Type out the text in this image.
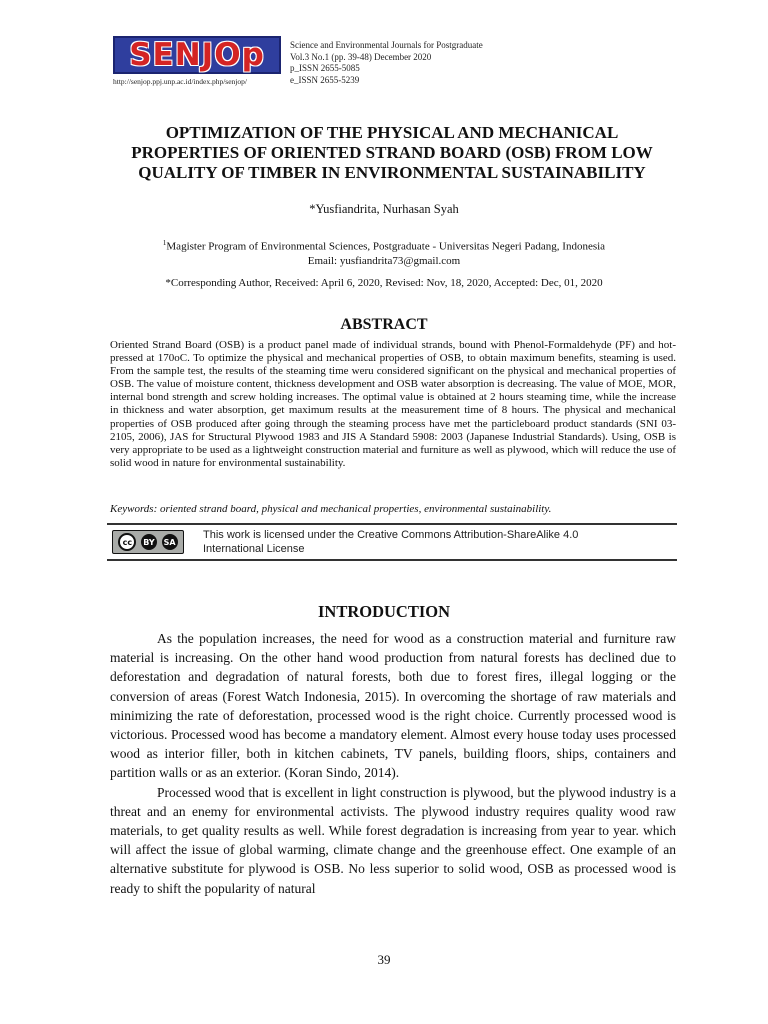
SENJOp
http://senjop.ppj.unp.ac.id/index.php/senjop/
Science and Environmental Journals for Postgraduate
Vol.3 No.1 (pp. 39-48) December 2020
p_ISSN 2655-5085
e_ISSN 2655-5239
OPTIMIZATION OF THE PHYSICAL AND MECHANICAL
PROPERTIES OF ORIENTED STRAND BOARD (OSB) FROM LOW
QUALITY OF TIMBER IN ENVIRONMENTAL SUSTAINABILITY
*Yusfiandrita, Nurhasan Syah
$^1$Magister Program of Environmental Sciences, Postgraduate - Universitas Negeri Padang, Indonesia
Email: yusfiandrita73@gmail.com
*Corresponding Author, Received: April 6, 2020, Revised: Nov, 18, 2020, Accepted: Dec, 01, 2020
ABSTRACT
Oriented Strand Board (OSB) is a product panel made of individual strands, bound with Phenol-Formaldehyde (PF) and hot-pressed at 170oC. To optimize the physical and mechanical properties of OSB, to obtain maximum benefits, steaming is used. From the sample test, the results of the steaming time weru considered significant on the physical and mechanical properties of OSB. The value of moisture content, thickness development and OSB water absorption is decreasing. The value of MOE, MOR, internal bond strength and screw holding increases. The optimal value is obtained at 2 hours steaming time, while the increase in thickness and water absorption, get maximum results at the measurement time of 8 hours. The physical and mechanical properties of OSB produced after going through the steaming process have met the particleboard product standards (SNI 03-2105, 2006), JAS for Structural Plywood 1983 and JIS A Standard 5908: 2003 (Japanese Industrial Standards). Using, OSB is very appropriate to be used as a lightweight construction material and furniture as well as plywood, which will reduce the use of solid wood in nature for environmental sustainability.
Keywords: oriented strand board, physical and mechanical properties, environmental sustainability.
cc	BY SA
This work is licensed under the Creative Commons Attribution-ShareAlike 4.0
International License
INTRODUCTION

As the population increases, the need for wood as a construction material and furniture raw material is increasing. On the other hand wood production from natural forests has declined due to deforestation and degradation of natural forests, both due to forest fires, illegal logging or the conversion of areas (Forest Watch Indonesia, 2015). In overcoming the shortage of raw materials and minimizing the rate of deforestation, processed wood is the right choice. Currently processed wood is victorious. Processed wood has become a mandatory element. Almost every house today uses processed wood as interior filler, both in kitchen cabinets, TV panels, building floors, ships, containers and partition walls or as an exterior. (Koran Sindo, 2014).

Processed wood that is excellent in light construction is plywood, but the plywood industry is a threat and an enemy for environmental activists. The plywood industry requires quality wood raw materials, to get quality results as well. While forest degradation is increasing from year to year. which will affect the issue of global warming, climate change and the greenhouse effect. One example of an alternative substitute for plywood is OSB. No less superior to solid wood, OSB as processed wood is ready to shift the popularity of natural

39
